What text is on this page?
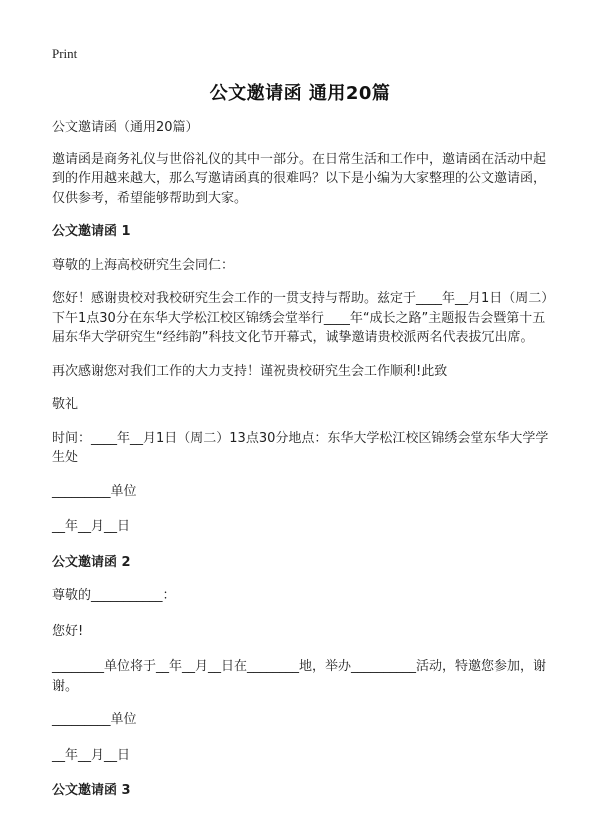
Print
公文邀请函 通用20篇

公文邀请函（通用20篇）

邀请函是商务礼仪与世俗礼仪的其中一部分。在日常生活和工作中，邀请函在活动中起到的作用越来越大，那么写邀请函真的很难吗？以下是小编为大家整理的公文邀请函，仅供参考，希望能够帮助到大家。

公文邀请函 1

尊敬的上海高校研究生会同仁：

您好！感谢贵校对我校研究生会工作的一贯支持与帮助。兹定于____年__月1日（周二）下午1点30分在东华大学松江校区锦绣会堂举行____年“成长之路”主题报告会暨第十五届东华大学研究生“经纬韵”科技文化节开幕式，诚挚邀请贵校派两名代表拔冗出席。

再次感谢您对我们工作的大力支持！谨祝贵校研究生会工作顺利!此致

敬礼

时间：____年__月1日（周二）13点30分地点：东华大学松江校区锦绣会堂东华大学学生处

_________单位

__年__月__日

公文邀请函 2

尊敬的___________：

您好!

________单位将于__年__月__日在________地，举办__________活动，特邀您参加，谢谢。

_________单位

__年__月__日

公文邀请函 3
